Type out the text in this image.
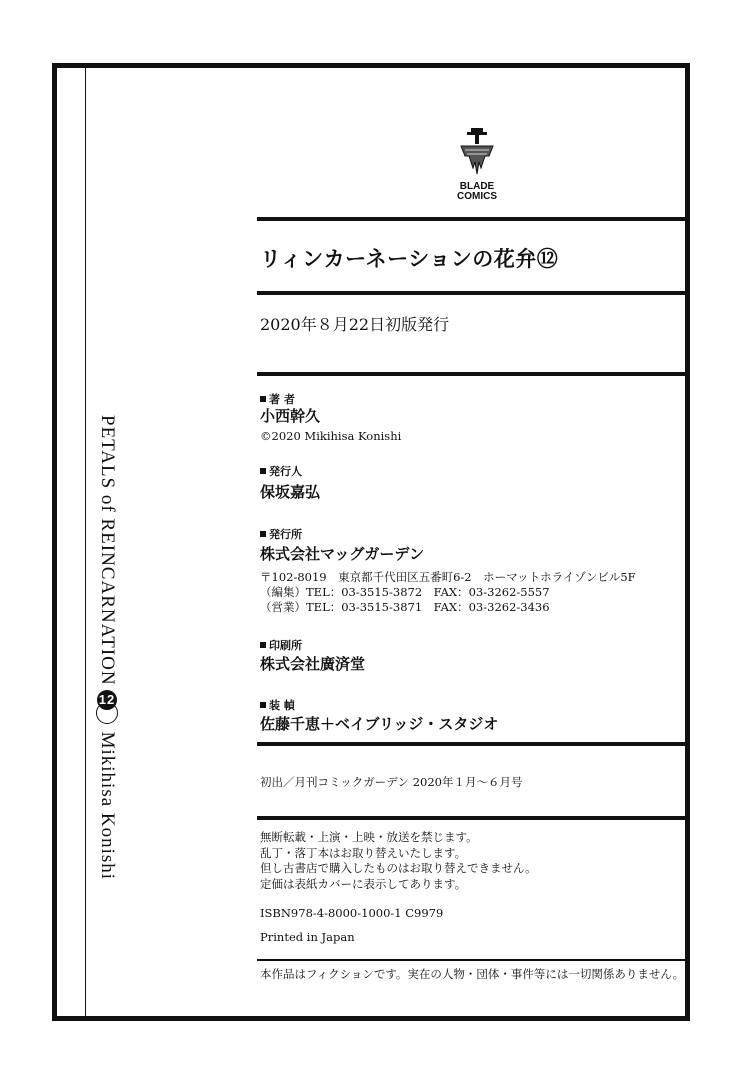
PETALS of REINCARNATION
12
Mikihisa Konishi
BLADE
COMICS
リィンカーネーションの花弁⑫
2020年８月22日初版発行
著 者
小西幹久
©2020 Mikihisa Konishi
発行人
保坂嘉弘
発行所
株式会社マッグガーデン
〒102-8019　東京都千代田区五番町6-2　ホーマットホライゾンビル5F
（編集）TEL：03-3515-3872　FAX：03-3262-5557
（営業）TEL：03-3515-3871　FAX：03-3262-3436
印刷所
株式会社廣済堂
装 幀
佐藤千恵＋ベイブリッジ・スタジオ
初出／月刊コミックガーデン 2020年１月～６月号
無断転載・上演・上映・放送を禁じます。
乱丁・落丁本はお取り替えいたします。
但し古書店で購入したものはお取り替えできません。
定価は表紙カバーに表示してあります。
ISBN978-4-8000-1000-1 C9979
Printed in Japan
本作品はフィクションです。実在の人物・団体・事件等には一切関係ありません。
